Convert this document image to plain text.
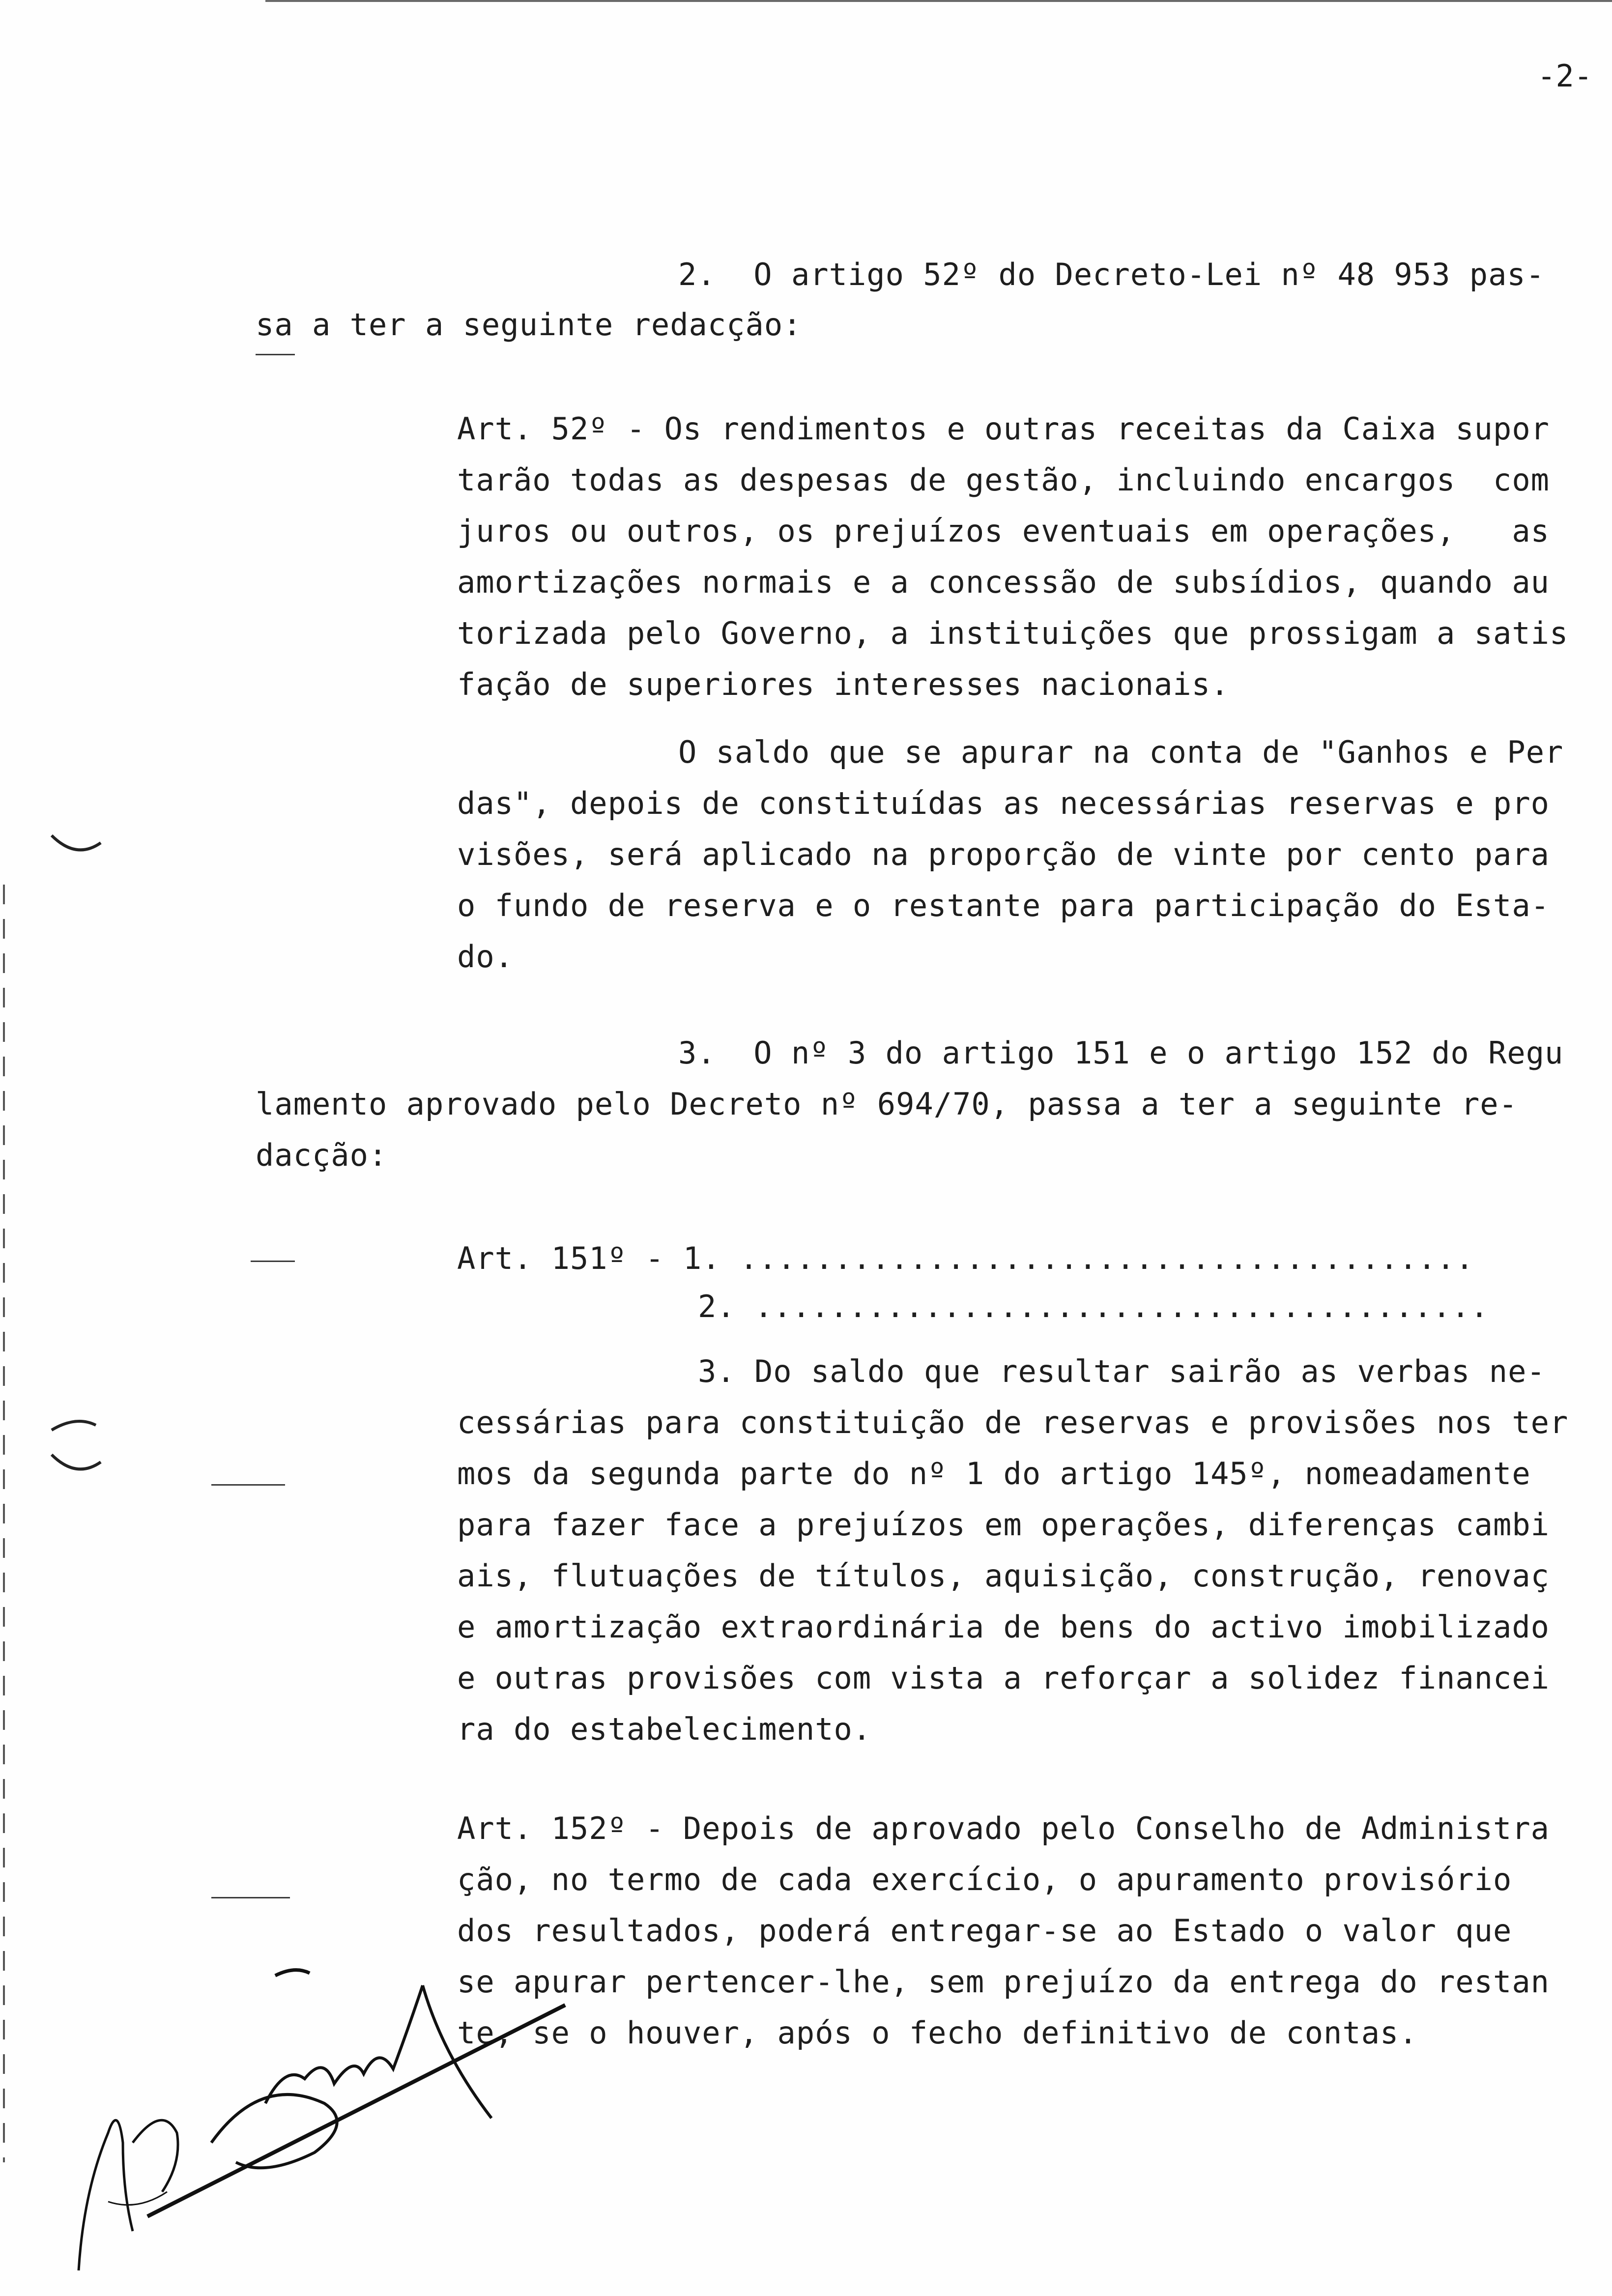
-2-
2.  O artigo 52º do Decreto-Lei nº 48 953 pas-
sa a ter a seguinte redacção:
Art. 52º - Os rendimentos e outras receitas da Caixa supor
tarão todas as despesas de gestão, incluindo encargos  com
juros ou outros, os prejuízos eventuais em operações,   as
amortizações normais e a concessão de subsídios, quando au
torizada pelo Governo, a instituições que prossigam a satis
fação de superiores interesses nacionais.
O saldo que se apurar na conta de "Ganhos e Per
das", depois de constituídas as necessárias reservas e pro
visões, será aplicado na proporção de vinte por cento para
o fundo de reserva e o restante para participação do Esta-
do.
3.  O nº 3 do artigo 151 e o artigo 152 do Regu
lamento aprovado pelo Decreto nº 694/70, passa a ter a seguinte re-
dacção:
Art. 151º - 1. .......................................
2. .......................................
3. Do saldo que resultar sairão as verbas ne-
cessárias para constituição de reservas e provisões nos ter
mos da segunda parte do nº 1 do artigo 145º, nomeadamente
para fazer face a prejuízos em operações, diferenças cambi
ais, flutuações de títulos, aquisição, construção, renovaç
e amortização extraordinária de bens do activo imobilizado
e outras provisões com vista a reforçar a solidez financei
ra do estabelecimento.
Art. 152º - Depois de aprovado pelo Conselho de Administra
ção, no termo de cada exercício, o apuramento provisório
dos resultados, poderá entregar-se ao Estado o valor que
se apurar pertencer-lhe, sem prejuízo da entrega do restan
te, se o houver, após o fecho definitivo de contas.
